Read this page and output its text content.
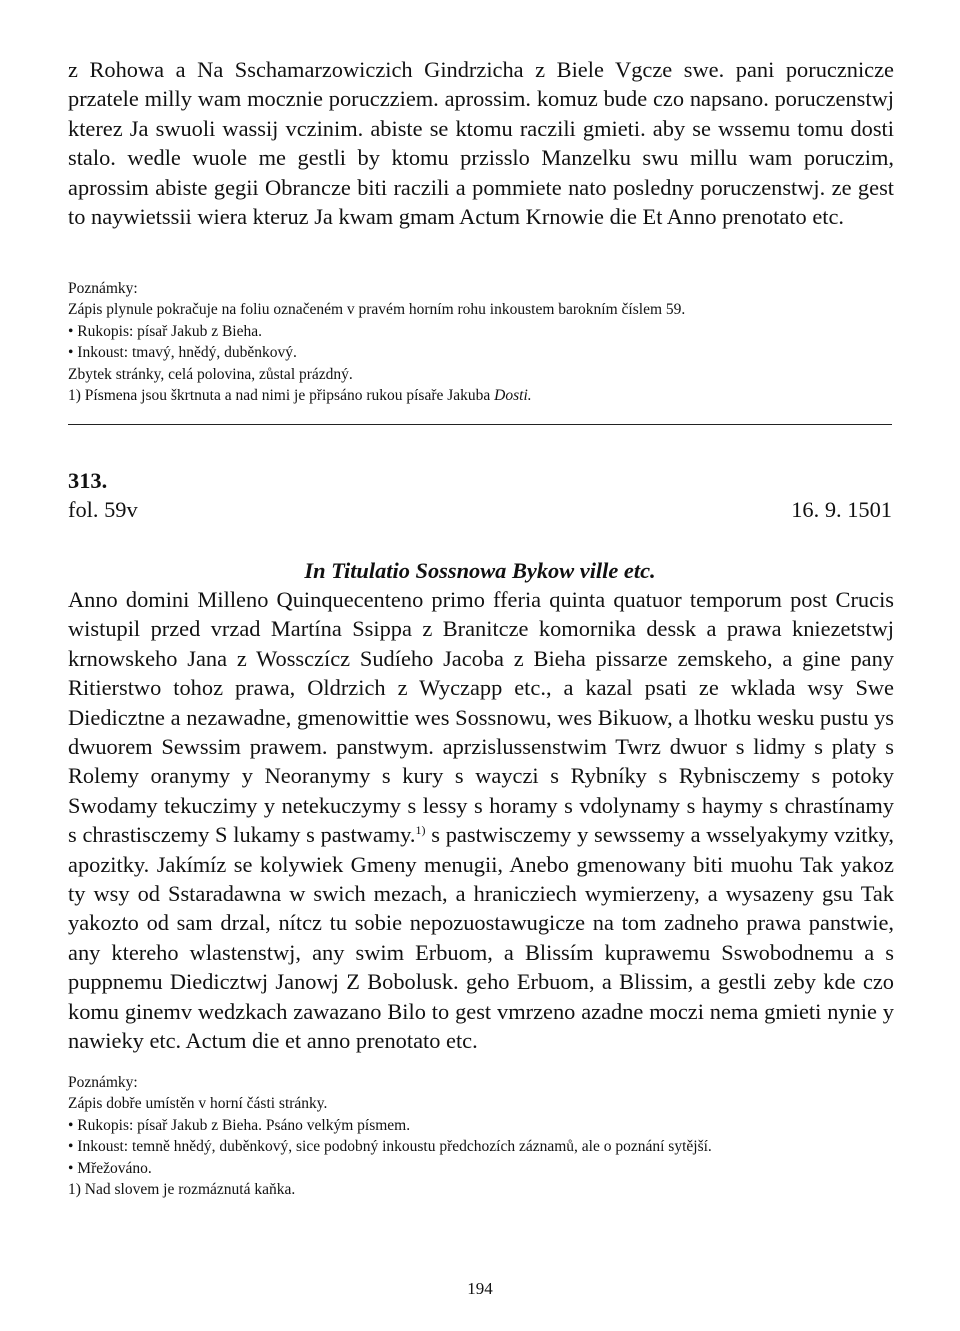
z Rohowa a Na Sschamarzowiczich Gindrzicha z Biele Vgcze swe. pani porucznicze przatele milly wam mocznie poruczziem. aprossim. komuz bude czo napsano. poruczenstwj kterez Ja swuoli wassij vczinim. abiste se ktomu raczili gmieti. aby se wssemu tomu dosti stalo. wedle wuole me gestli by ktomu przisslo Manzelku swu millu wam poruczim, aprossim abiste gegii Obrancze biti raczili a pommiete nato posledny poruczenstwj. ze gest to naywietssii wiera kteruz Ja kwam gmam Actum Krnowie die Et Anno prenotato etc.

Poznámky:
Zápis plynule pokračuje na foliu označeném v pravém horním rohu inkoustem barokním číslem 59.
• Rukopis: písař Jakub z Bieha.
• Inkoust: tmavý, hnědý, duběnkový.
Zbytek stránky, celá polovina, zůstal prázdný.
1) Písmena jsou škrtnuta a nad nimi je připsáno rukou písaře Jakuba Dosti.
313.
fol. 59v	16. 9. 1501
In Titulatio Sossnowa Bykow ville etc.

Anno domini Milleno Quinquecenteno primo fferia quinta quatuor temporum post Crucis wistupil przed vrzad Martína Ssippa z Branitcze komornika dessk a prawa kniezetstwj krnowskeho Jana z Wossczícz Sudíeho Jacoba z Bieha pissarze zemskeho, a gine pany Ritierstwo tohoz prawa, Oldrzich z Wyczapp etc., a kazal psati ze wklada wsy Swe Diedicztne a nezawadne, gmenowittie wes Sossnowu, wes Bikuow, a lhotku wesku pustu ys dwuorem Sewssim prawem. panstwym. aprzislussenstwim Twrz dwuor s lidmy s platy s Rolemy oranymy y Neoranymy s kury s wayczi s Rybníky s Rybnisczemy s potoky Swodamy tekuczimy y netekuczymy s lessy s horamy s vdolynamy s haymy s chrastínamy s chrastisczemy S lukamy s pastwamy.$^{1)}$ s pastwisczemy y sewssemy a wsselyakymy vzitky, apozitky. Jakímíz se kolywiek Gmeny menugii, Anebo gmenowany biti muohu Tak yakoz ty wsy od Sstaradawna w swich mezach, a hranicziech wymierzeny, a wysazeny gsu Tak yakozto od sam drzal, nítcz tu sobie nepozuostawugicze na tom zadneho prawa panstwie, any ktereho wlastenstwj, any swim Erbuom, a Blissím kuprawemu Sswobodnemu a s puppnemu Diedicztwj Janowj Z Bobolusk. geho Erbuom, a Blissim, a gestli zeby kde czo komu ginemv wedzkach zawazano Bilo to gest vmrzeno azadne moczi nema gmieti nynie y nawieky etc. Actum die et anno prenotato etc.

Poznámky:
Zápis dobře umístěn v horní části stránky.
• Rukopis: písař Jakub z Bieha. Psáno velkým písmem.
• Inkoust: temně hnědý, duběnkový, sice podobný inkoustu předchozích záznamů, ale o poznání sytější.
• Mřežováno.
1) Nad slovem je rozmáznutá kaňka.
194
